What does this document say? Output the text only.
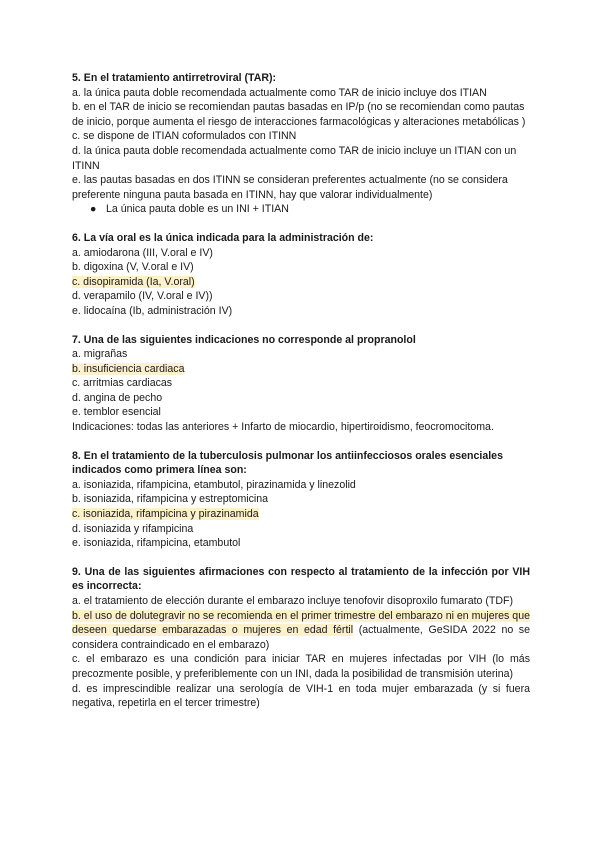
5. En el tratamiento antirretroviral (TAR):

a. la única pauta doble recomendada actualmente como TAR de inicio incluye dos ITIAN

b. en el TAR de inicio se recomiendan pautas basadas en IP/p (no se recomiendan como pautas de inicio, porque aumenta el riesgo de interacciones farmacológicas y alteraciones metabólicas )

c. se dispone de ITIAN coformulados con ITINN

d. la única pauta doble recomendada actualmente como TAR de inicio incluye un ITIAN con un ITINN

e. las pautas basadas en dos ITINN se consideran preferentes actualmente (no se considera preferente ninguna pauta basada en ITINN, hay que valorar individualmente)

● La única pauta doble es un INI + ITIAN

6. La vía oral es la única indicada para la administración de:

a. amiodarona (III, V.oral e IV)

b. digoxina (V, V.oral e IV)

c. disopiramida (Ia, V.oral)

d. verapamilo (IV, V.oral e IV))

e. lidocaína (Ib, administración IV)

7. Una de las siguientes indicaciones no corresponde al propranolol

a. migrañas

b. insuficiencia cardiaca

c. arritmias cardiacas

d. angina de pecho

e. temblor esencial

Indicaciones: todas las anteriores + Infarto de miocardio, hipertiroidismo, feocromocitoma.

8. En el tratamiento de la tuberculosis pulmonar los antiinfecciosos orales esenciales indicados como primera línea son:

a. isoniazida, rifampicina, etambutol, pirazinamida y linezolid

b. isoniazida, rifampicina y estreptomicina

c. isoniazida, rifampicina y pirazinamida

d. isoniazida y rifampicina

e. isoniazida, rifampicina, etambutol

9. Una de las siguientes afirmaciones con respecto al tratamiento de la infección por VIH es incorrecta:

a. el tratamiento de elección durante el embarazo incluye tenofovir disoproxilo fumarato (TDF)

b. el uso de dolutegravir no se recomienda en el primer trimestre del embarazo ni en mujeres que deseen quedarse embarazadas o mujeres en edad fértil (actualmente, GeSIDA 2022 no se considera contraindicado en el embarazo)

c. el embarazo es una condición para iniciar TAR en mujeres infectadas por VIH (lo más precozmente posible, y preferiblemente con un INI, dada la posibilidad de transmisión uterina)

d. es imprescindible realizar una serología de VIH-1 en toda mujer embarazada (y si fuera negativa, repetirla en el tercer trimestre)
